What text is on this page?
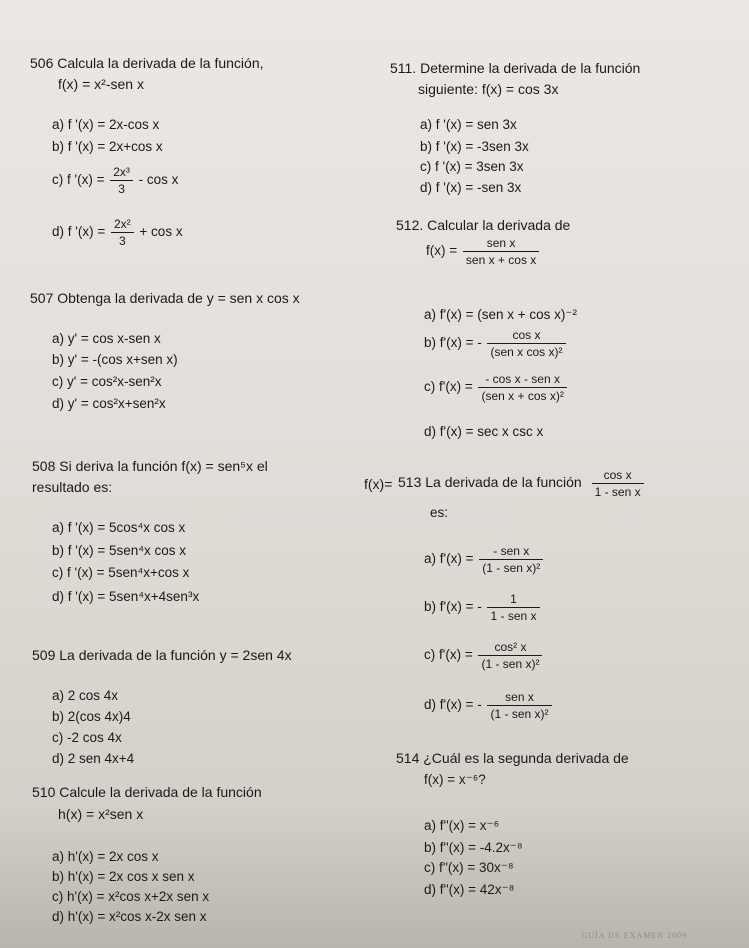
506 Calcula la derivada de la función,
f(x) = x²-sen x
a) f '(x) = 2x-cos x
b) f '(x) = 2x+cos x
c) f '$(x) = \frac{\text{2x³}}{3} - \cos x$
d) f '$(x) = \frac{\text{2x²}}{3} + \cos x$
507 Obtenga la derivada de y = sen x cos x
a) y' = cos x-sen x
b) y' = -(cos x+sen x)
c) y' = cos²x-sen²x
d) y' = cos²x+sen²x
508 Si deriva la función f(x) = sen⁵x el
resultado es:
a) f '(x) = 5cos⁴x cos x
b) f '(x) = 5sen⁴x cos x
c) f '(x) = 5sen⁴x+cos x
d) f '(x) = 5sen⁴x+4sen³x
509 La derivada de la función y = 2sen 4x
a) 2 cos 4x
b) 2(cos 4x)4
c) -2 cos 4x
d) 2 sen 4x+4
510 Calcule la derivada de la función
h(x) = x²sen x
a) h'(x) = 2x cos x
b) h'(x) = 2x cos x sen x
c) h'(x) = x²cos x+2x sen x
d) h'(x) = x²cos x-2x sen x
511. Determine la derivada de la función
siguiente: f(x) = cos 3x
a) f '(x) = sen 3x
b) f '(x) = -3sen 3x
c) f '(x) = 3sen 3x
d) f '(x) = -sen 3x
512. Calcular la derivada de
$f(x) = \frac{\text{sen x}}{\text{sen x + cos x}}$
a) f'(x) = (sen x + cos x)⁻²
b) f'(x) = - $\frac{\text{cos x}}{\text{(sen x cos x)²}}$
c) $f'(x) = \frac{\text{- cos x - sen x}}{\text{(sen x + cos x)²}}$
d) f'(x) = sec x csc x
513 La derivada de la función
f(x)=
cos x
1 - sen x
es:
a) $f'(x) = \frac{\text{- sen x}}{\text{(1 - sen x)²}}$
b) f'(x) = - $\frac{1}{\text{1 - sen x}}$
c) $f'(x) = \frac{\text{cos² x}}{\text{(1 - sen x)²}}$
d) f'(x) = - $\frac{\text{sen x}}{\text{(1 - sen x)²}}$
514 ¿Cuál es la segunda derivada de
f(x) = x⁻⁶?
a) f''(x) = x⁻⁶
b) f''(x) = -4.2x⁻⁸
c) f''(x) = 30x⁻⁸
d) f''(x) = 42x⁻⁸
GUÍA DE EXAMEN 2009
